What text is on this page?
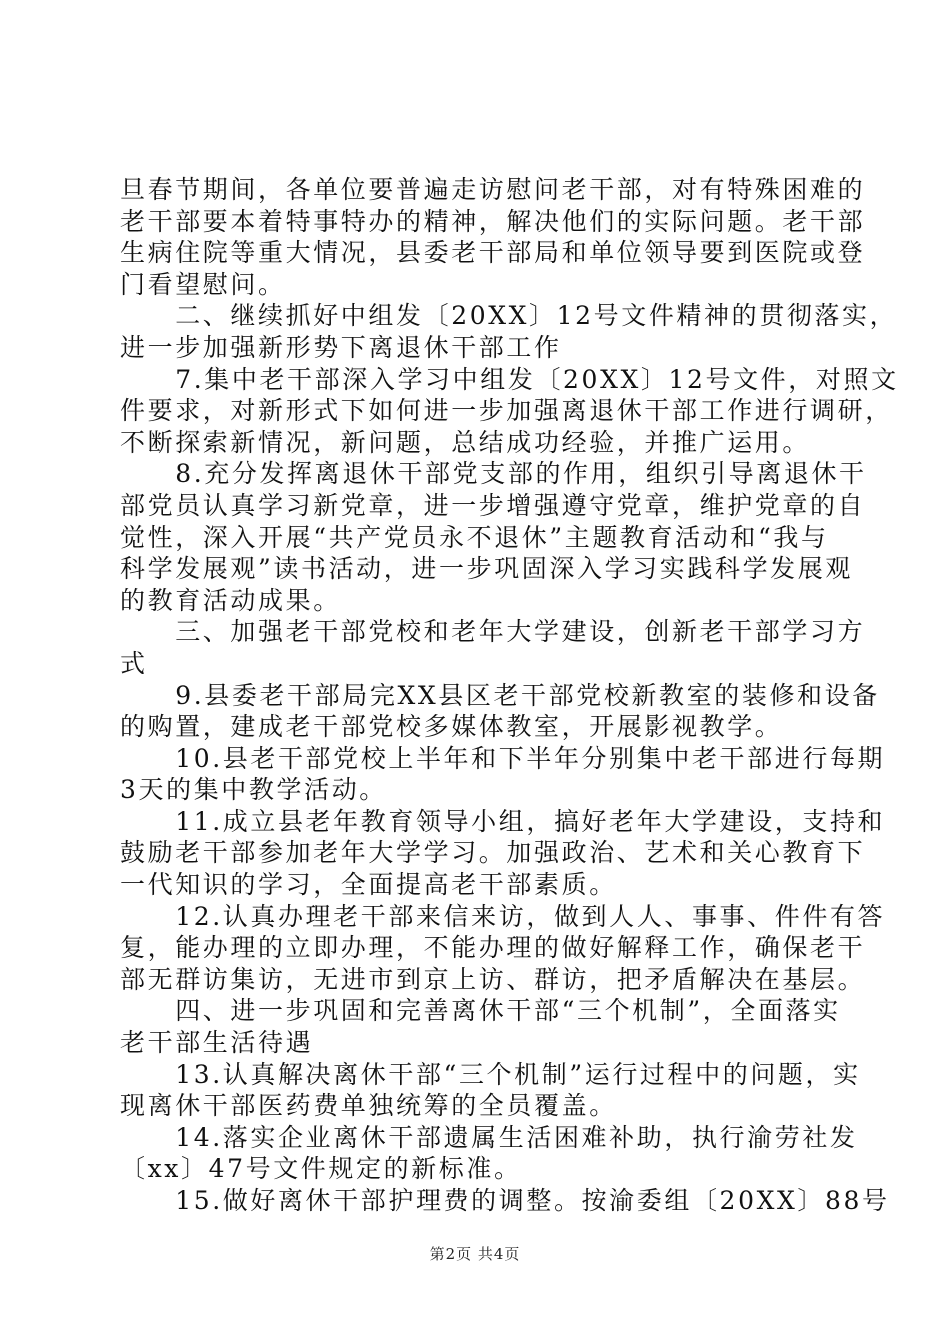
旦春节期间，各单位要普遍走访慰问老干部，对有特殊困难的
老干部要本着特事特办的精神，解决他们的实际问题。老干部
生病住院等重大情况，县委老干部局和单位领导要到医院或登
门看望慰问。
　　二、继续抓好中组发〔20XX〕12号文件精神的贯彻落实，
进一步加强新形势下离退休干部工作
　　7.集中老干部深入学习中组发〔20XX〕12号文件，对照文
件要求，对新形式下如何进一步加强离退休干部工作进行调研，
不断探索新情况，新问题，总结成功经验，并推广运用。
　　8.充分发挥离退休干部党支部的作用，组织引导离退休干
部党员认真学习新党章，进一步增强遵守党章，维护党章的自
觉性，深入开展“共产党员永不退休”主题教育活动和“我与
科学发展观”读书活动，进一步巩固深入学习实践科学发展观
的教育活动成果。
　　三、加强老干部党校和老年大学建设，创新老干部学习方
式
　　9.县委老干部局完XX县区老干部党校新教室的装修和设备
的购置，建成老干部党校多媒体教室，开展影视教学。
　　10.县老干部党校上半年和下半年分别集中老干部进行每期
3天的集中教学活动。
　　11.成立县老年教育领导小组，搞好老年大学建设，支持和
鼓励老干部参加老年大学学习。加强政治、艺术和关心教育下
一代知识的学习，全面提高老干部素质。
　　12.认真办理老干部来信来访，做到人人、事事、件件有答
复，能办理的立即办理，不能办理的做好解释工作，确保老干
部无群访集访，无进市到京上访、群访，把矛盾解决在基层。
　　四、进一步巩固和完善离休干部“三个机制”，全面落实
老干部生活待遇
　　13.认真解决离休干部“三个机制”运行过程中的问题，实
现离休干部医药费单独统筹的全员覆盖。
　　14.落实企业离休干部遗属生活困难补助，执行渝劳社发
〔xx〕47号文件规定的新标准。
　　15.做好离休干部护理费的调整。按渝委组〔20XX〕88号
第2页 共4页
